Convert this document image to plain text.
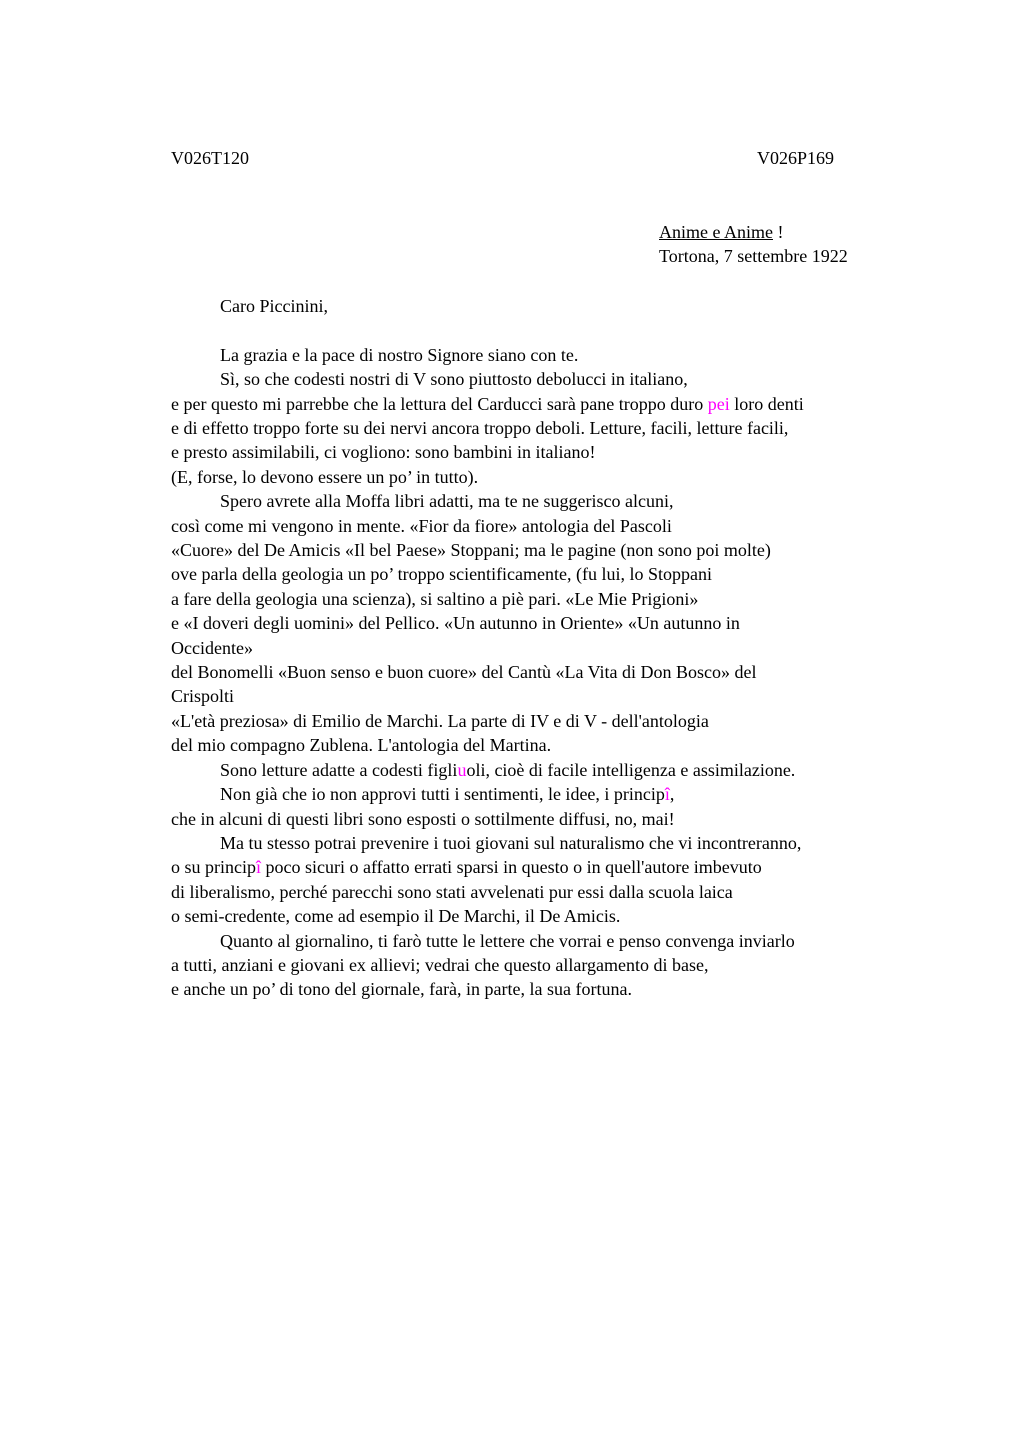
V026T120	V026P169
Anime e Anime !
Tortona, 7 settembre 1922
Caro Piccinini,
La grazia e la pace di nostro Signore siano con te.
Sì, so che codesti nostri di V sono piuttosto debolucci in italiano,
e per questo mi parrebbe che la lettura del Carducci sarà pane troppo duro pei loro denti
e di effetto troppo forte su dei nervi ancora troppo deboli. Letture, facili, letture facili,
e presto assimilabili, ci vogliono: sono bambini in italiano!
(E, forse, lo devono essere un po’ in tutto).
Spero avrete alla Moffa libri adatti, ma te ne suggerisco alcuni,
così come mi vengono in mente. «Fior da fiore» antologia del Pascoli
«Cuore» del De Amicis «Il bel Paese» Stoppani; ma le pagine (non sono poi molte)
ove parla della geologia un po’ troppo scientificamente, (fu lui, lo Stoppani
a fare della geologia una scienza), si saltino a piè pari. «Le Mie Prigioni»
e «I doveri degli uomini» del Pellico. «Un autunno in Oriente» «Un autunno in
Occidente»
del Bonomelli «Buon senso e buon cuore» del Cantù «La Vita di Don Bosco» del
Crispolti
«L'età preziosa» di Emilio de Marchi. La parte di IV e di V - dell'antologia
del mio compagno Zublena. L'antologia del Martina.
Sono letture adatte a codesti figliuoli, cioè di facile intelligenza e assimilazione.
Non già che io non approvi tutti i sentimenti, le idee, i principî,
che in alcuni di questi libri sono esposti o sottilmente diffusi, no, mai!
Ma tu stesso potrai prevenire i tuoi giovani sul naturalismo che vi incontreranno,
o su principî poco sicuri o affatto errati sparsi in questo o in quell'autore imbevuto
di liberalismo, perché parecchi sono stati avvelenati pur essi dalla scuola laica
o semi-credente, come ad esempio il De Marchi, il De Amicis.
Quanto al giornalino, ti farò tutte le lettere che vorrai e penso convenga inviarlo
a tutti, anziani e giovani ex allievi; vedrai che questo allargamento di base,
e anche un po’ di tono del giornale, farà, in parte, la sua fortuna.
